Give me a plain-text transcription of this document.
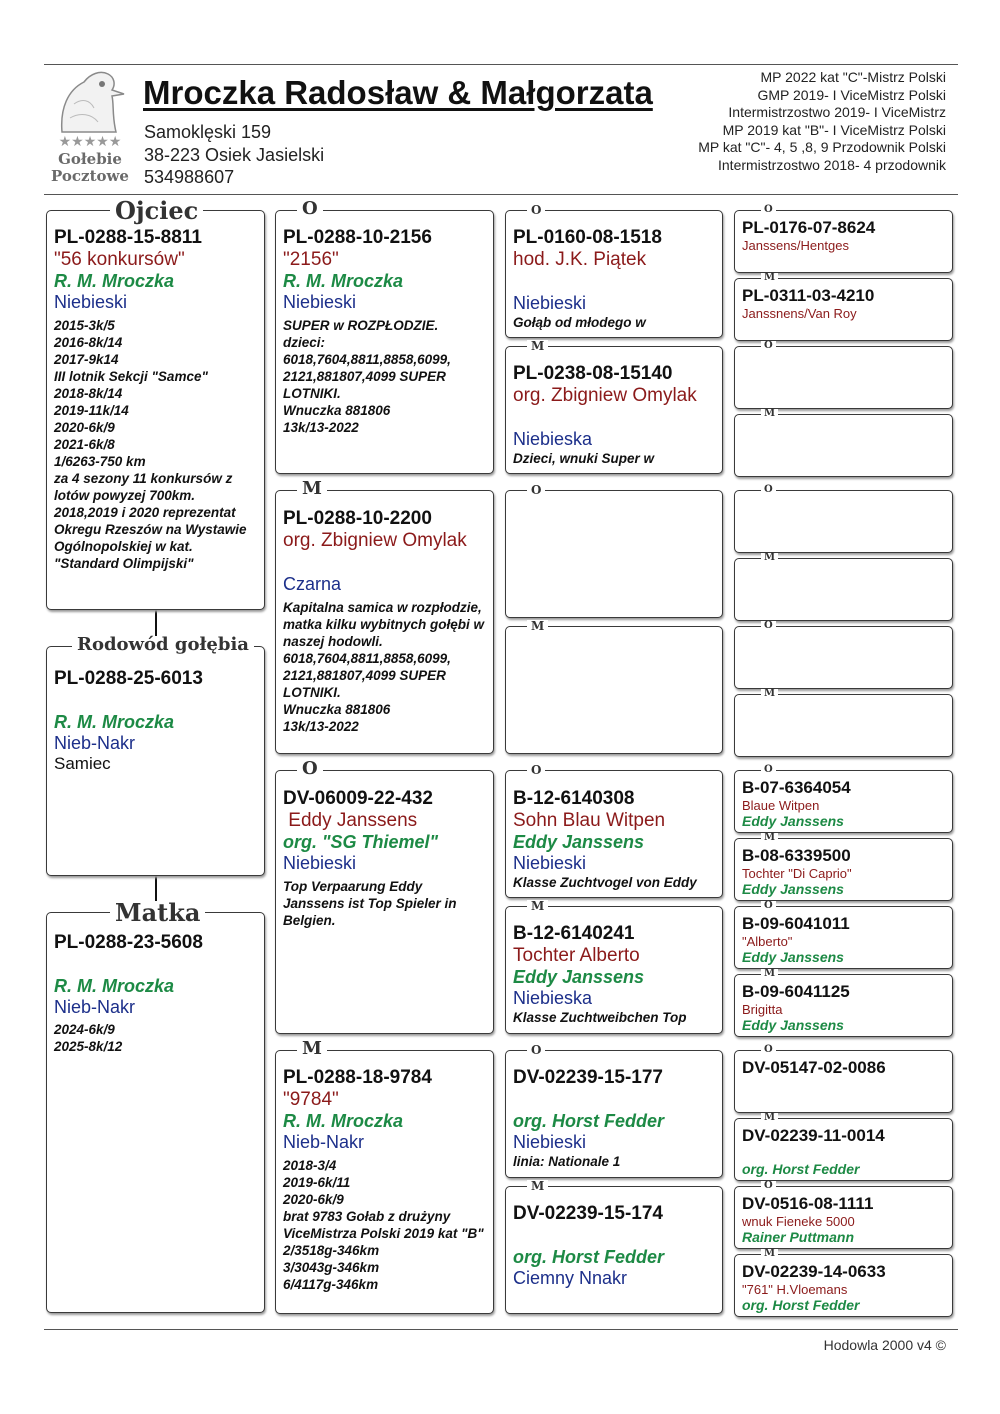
★★★★★
Gołebie
Pocztowe
Mroczka Radosław & Małgorzata
Samoklęski 159
38-223 Osiek Jasielski
534988607
MP 2022 kat "C"-Mistrz Polski
GMP 2019- I ViceMistrz Polski
Intermistrzostwo 2019- I ViceMistrz
MP 2019 kat "B"- I ViceMistrz Polski
MP kat "C"- 4, 5 ,8, 9 Przodownik Polski
Intermistrzostwo 2018- 4 przodownik
Ojciec
PL-0288-15-8811
"56 konkursów"
R. M. Mroczka
Niebieski
2015-3k/5
2016-8k/14
2017-9k14
III lotnik Sekcji "Samce"
2018-8k/14
2019-11k/14
2020-6k/9
2021-6k/8
1/6263-750 km
za 4 sezony 11 konkursów z lotów powyzej 700km.
2018,2019 i 2020 reprezentat Okregu Rzeszów na Wystawie Ogólnopolskiej w kat. "Standard Olimpijski"
Rodowód gołębia
PL-0288-25-6013
R. M. Mroczka
Nieb-Nakr
Samiec
Matka
PL-0288-23-5608
R. M. Mroczka
Nieb-Nakr
2024-6k/9
2025-8k/12
O
PL-0288-10-2156
"2156"
R. M. Mroczka
Niebieski
SUPER w ROZPŁODZIE.
dzieci:
6018,7604,8811,8858,6099,
2121,881807,4099 SUPER LOTNIKI.
Wnuczka 881806
13k/13-2022
M
PL-0288-10-2200
org. Zbigniew Omylak
Czarna
Kapitalna samica w rozpłodzie, matka kilku wybitnych gołębi w naszej hodowli.
6018,7604,8811,8858,6099,
2121,881807,4099 SUPER LOTNIKI.
Wnuczka 881806
13k/13-2022
O
DV-06009-22-432
Eddy Janssens
org. "SG Thiemel"
Niebieski
Top Verpaarung Eddy Janssens ist Top Spieler in Belgien.
M
PL-0288-18-9784
"9784"
R. M. Mroczka
Nieb-Nakr
2018-3/4
2019-6k/11
2020-6k/9
brat 9783 Gołab z drużyny ViceMistrza Polski 2019 kat "B"
2/3518g-346km
3/3043g-346km
6/4117g-346km
O
PL-0160-08-1518
hod. J.K. Piątek
Niebieski
Gołąb od młodego w
M
PL-0238-08-15140
org. Zbigniew Omylak
Niebieska
Dzieci, wnuki Super w
O
M
O
B-12-6140308
Sohn Blau Witpen
Eddy Janssens
Niebieski
Klasse Zuchtvogel von Eddy
M
B-12-6140241
Tochter Alberto
Eddy Janssens
Niebieska
Klasse Zuchtweibchen Top
O
DV-02239-15-177
org. Horst Fedder
Niebieski
linia: Nationale 1
M
DV-02239-15-174
org. Horst Fedder
Ciemny Nnakr
O
PL-0176-07-8624
Janssens/Hentges
M
PL-0311-03-4210
Janssnens/Van Roy
O
M
O
M
O
M
O
B-07-6364054
Blaue Witpen
Eddy Janssens
M
B-08-6339500
Tochter "Di Caprio"
Eddy Janssens
O
B-09-6041011
"Alberto"
Eddy Janssens
M
B-09-6041125
Brigitta
Eddy Janssens
O
DV-05147-02-0086
M
DV-02239-11-0014
org. Horst Fedder
O
DV-0516-08-1111
wnuk Fieneke 5000
Rainer Puttmann
M
DV-02239-14-0633
"761" H.Vloemans
org. Horst Fedder
Hodowla 2000 v4 ©
